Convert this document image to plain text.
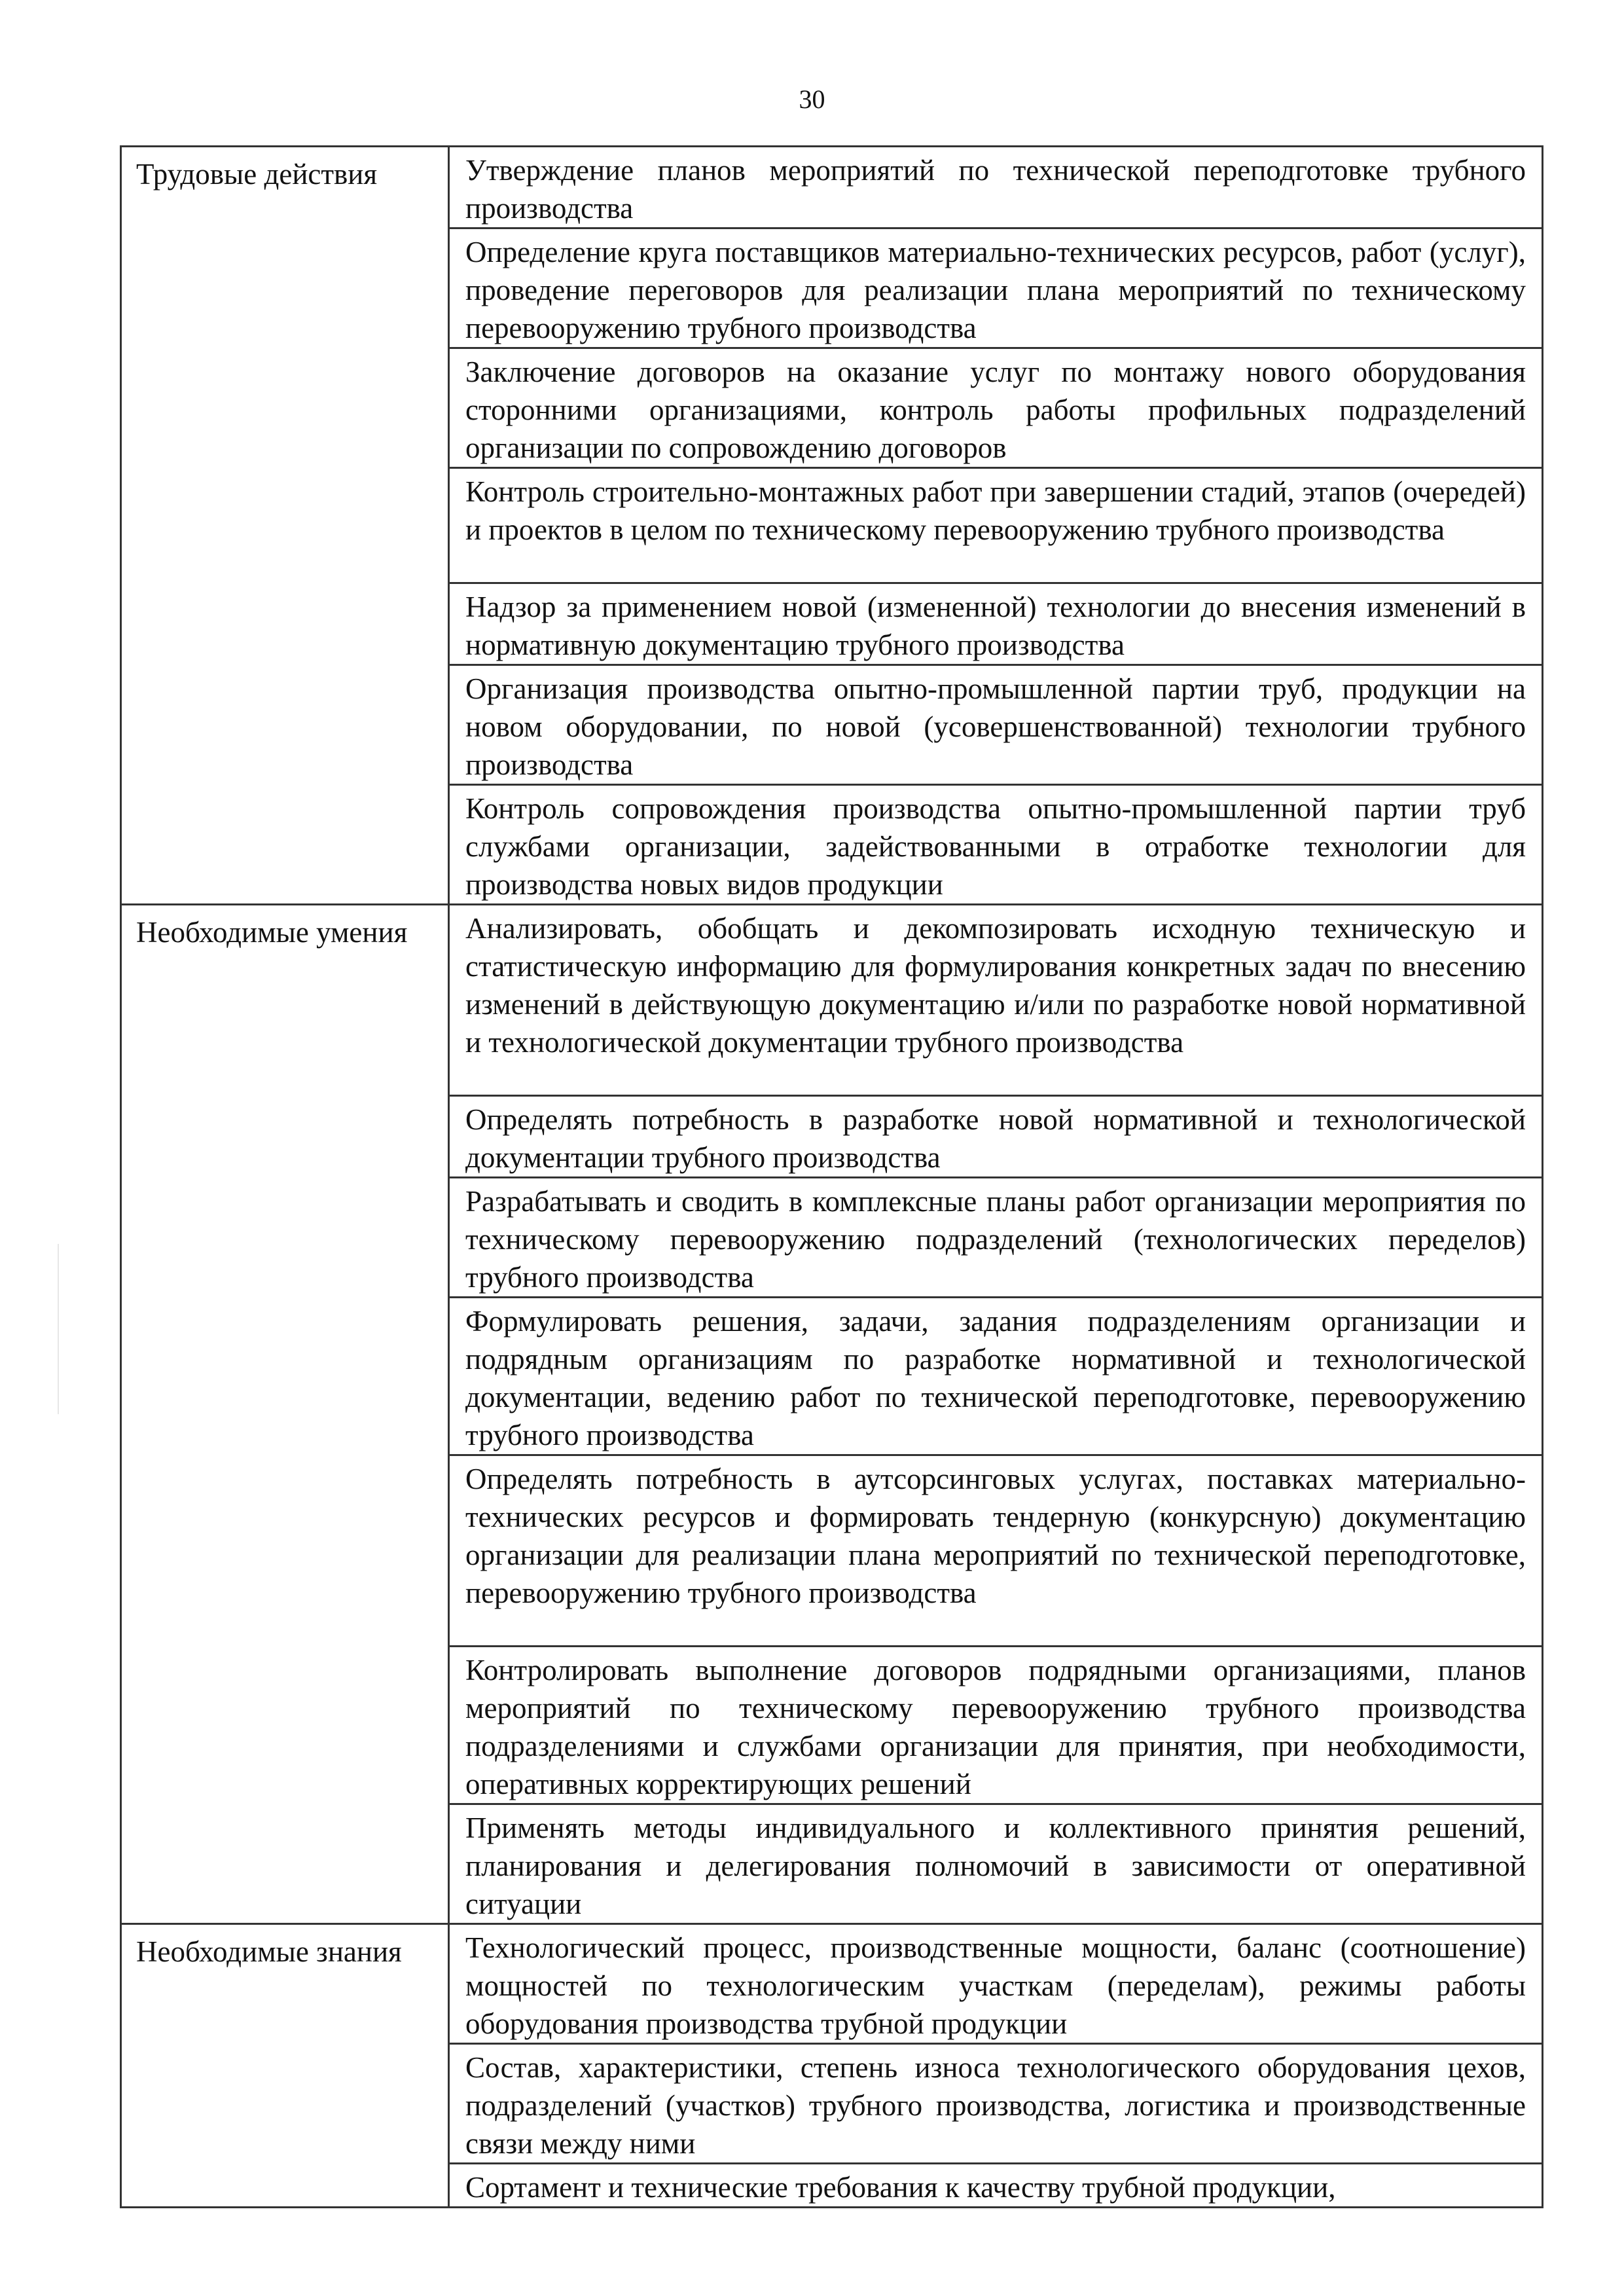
30
Трудовые действия	Утверждение планов мероприятий по технической переподготовке трубного производства
	Определение круга поставщиков материально-технических ресурсов, работ (услуг), проведение переговоров для реализации плана мероприятий по техническому перевооружению трубного производства
	Заключение договоров на оказание услуг по монтажу нового оборудования сторонними организациями, контроль работы профильных подразделений организации по сопровождению договоров
	Контроль строительно-монтажных работ при завершении стадий, этапов (очередей) и проектов в целом по техническому перевооружению трубного производства
	Надзор за применением новой (измененной) технологии до внесения изменений в нормативную документацию трубного производства
	Организация производства опытно-промышленной партии труб, продукции на новом оборудовании, по новой (усовершенствованной) технологии трубного производства
	Контроль сопровождения производства опытно-промышленной партии труб службами организации, задействованными в отработке технологии для производства новых видов продукции

Необходимые умения	Анализировать, обобщать и декомпозировать исходную техническую и статистическую информацию для формулирования конкретных задач по внесению изменений в действующую документацию и/или по разработке новой нормативной и технологической документации трубного производства
	Определять потребность в разработке новой нормативной и технологической документации трубного производства
	Разрабатывать и сводить в комплексные планы работ организации мероприятия по техническому перевооружению подразделений (технологических переделов) трубного производства
	Формулировать решения, задачи, задания подразделениям организации и подрядным организациям по разработке нормативной и технологической документации, ведению работ по технической переподготовке, перевооружению трубного производства
	Определять потребность в аутсорсинговых услугах, поставках материально-технических ресурсов и формировать тендерную (конкурсную) документацию организации для реализации плана мероприятий по технической переподготовке, перевооружению трубного производства
	Контролировать выполнение договоров подрядными организациями, планов мероприятий по техническому перевооружению трубного производства подразделениями и службами организации для принятия, при необходимости, оперативных корректирующих решений
	Применять методы индивидуального и коллективного принятия решений, планирования и делегирования полномочий в зависимости от оперативной ситуации

Необходимые знания	Технологический процесс, производственные мощности, баланс (соотношение) мощностей по технологическим участкам (переделам), режимы работы оборудования производства трубной продукции
	Состав, характеристики, степень износа технологического оборудования цехов, подразделений (участков) трубного производства, логистика и производственные связи между ними
	Сортамент и технические требования к качеству трубной продукции,
